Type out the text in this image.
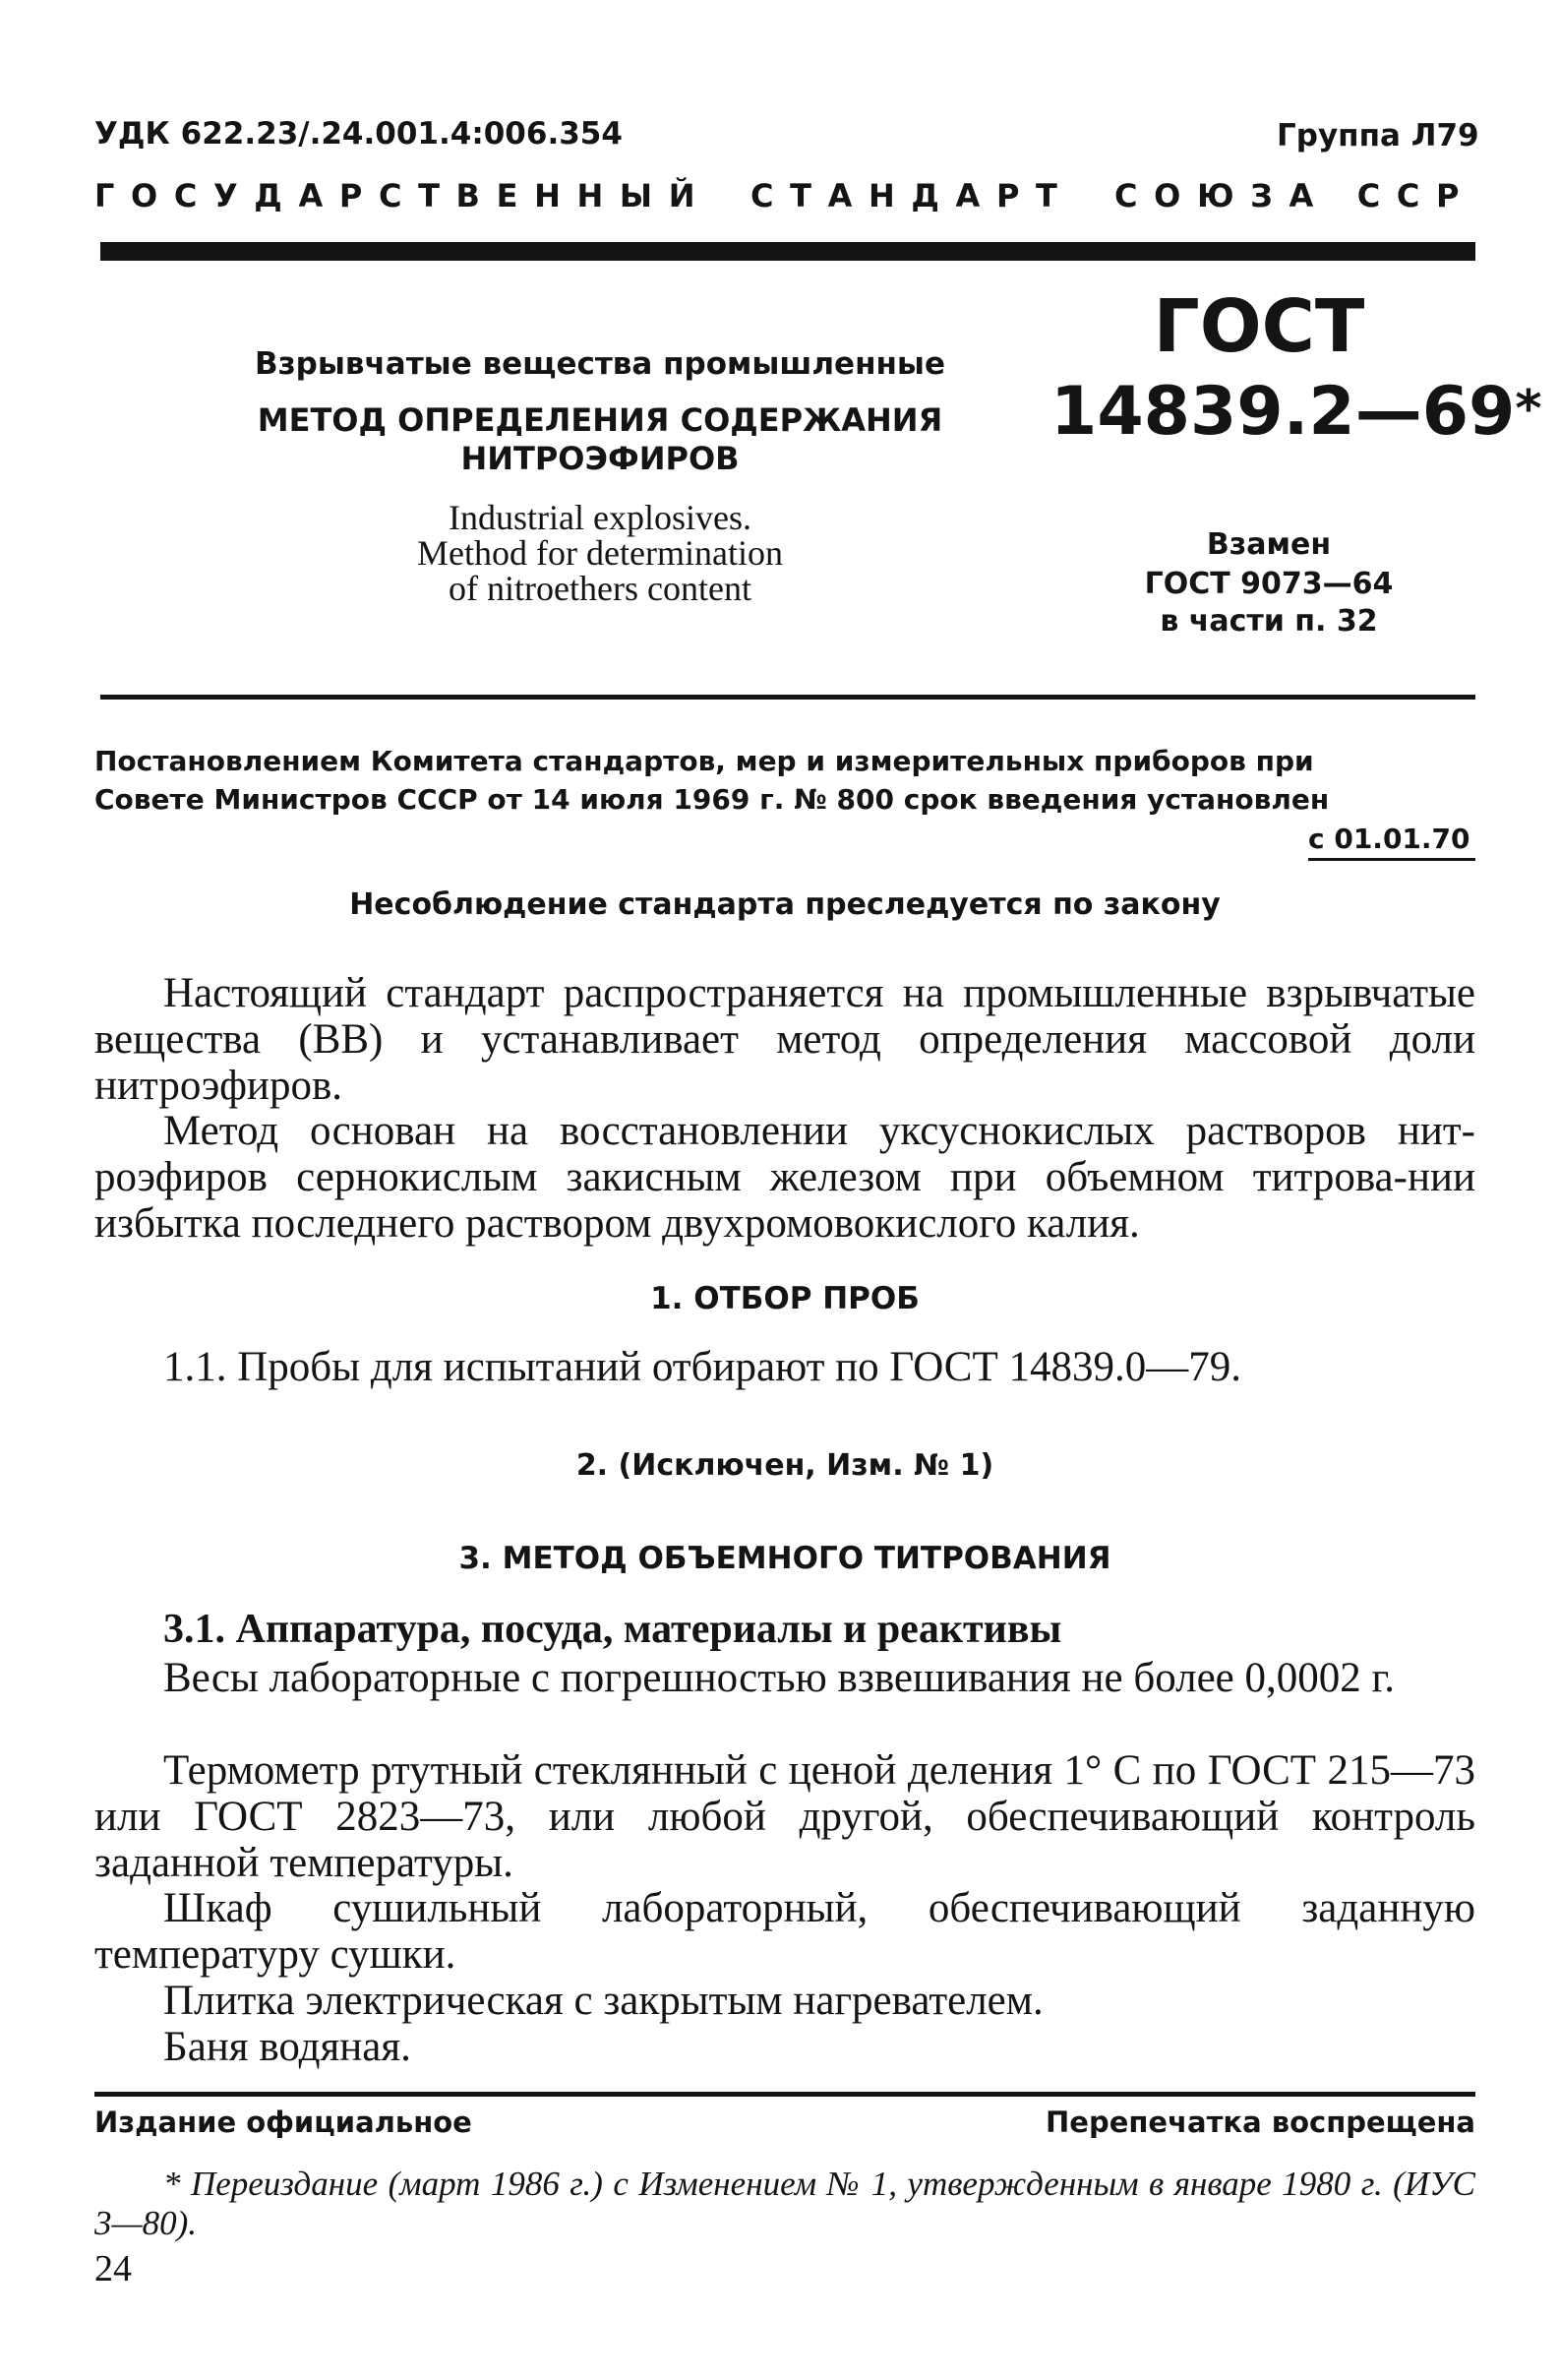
УДК 622.23/.24.001.4:006.354	Группа Л79
ГОСУДАРСТВЕННЫЙ СТАНДАРТ СОЮЗА ССР
Взрывчатые вещества промышленные
МЕТОД ОПРЕДЕЛЕНИЯ СОДЕРЖАНИЯ
НИТРОЭФИРОВ
Industrial explosives.
Method for determination
of nitroethers content
ГОСТ
14839.2—69*
Взамен
ГОСТ 9073—64
в части п. 32
Постановлением Комитета стандартов, мер и измерительных приборов при
Совете Министров СССР от 14 июля 1969 г. № 800 срок введения установлен
с 01.01.70
Несоблюдение стандарта преследуется по закону
Настоящий стандарт распространяется на промышленные взрывчатые вещества (ВВ) и устанавливает метод определения массовой доли нитроэфиров.
Метод основан на восстановлении уксуснокислых растворов нит-роэфиров сернокислым закисным железом при объемном титрова-нии избытка последнего раствором двухромовокислого калия.
1. ОТБОР ПРОБ
1.1. Пробы для испытаний отбирают по ГОСТ 14839.0—79.
2. (Исключен, Изм. № 1)
3. МЕТОД ОБЪЕМНОГО ТИТРОВАНИЯ
3.1. Аппаратура, посуда, материалы и реактивы
Весы лабораторные с погрешностью взвешивания не более 0,0002 г.
Термометр ртутный стеклянный с ценой деления 1° С по ГОСТ 215—73 или ГОСТ 2823—73, или любой другой, обеспечивающий контроль заданной температуры.
Шкаф сушильный лабораторный, обеспечивающий заданную температуру сушки.
Плитка электрическая с закрытым нагревателем.
Баня водяная.
Издание официальное	Перепечатка воспрещена
* Переиздание (март 1986 г.) с Изменением № 1, утвержденным в январе 1980 г. (ИУС 3—80).
24
